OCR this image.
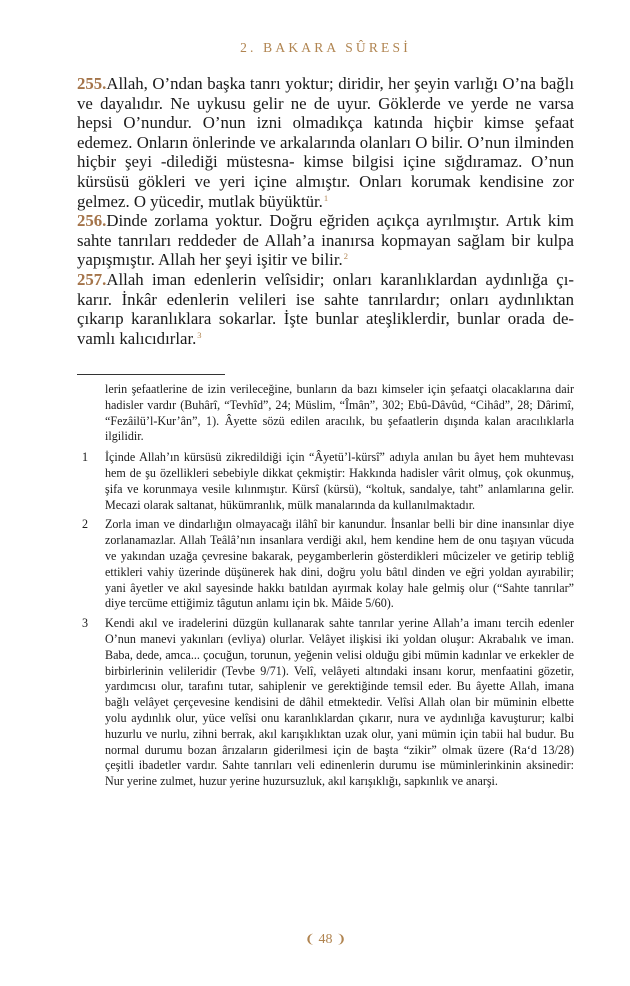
2. BAKARA SÛRESİ

255.Allah, O’ndan başka tanrı yoktur; diridir, her şeyin varlığı O’na bağlı ve dayalıdır. Ne uykusu gelir ne de uyur. Göklerde ve yerde ne varsa hepsi O’nundur. O’nun izni olmadıkça katında hiçbir kimse şefaat edemez. Onların önlerinde ve arkalarında olanları O bilir. O’nun ilminden hiçbir şeyi -dilediği müstesna- kimse bilgisi içine sığdıramaz. O’nun kürsüsü gökleri ve yeri içine almıştır. Onları korumak kendisine zor gelmez. O yücedir, mutlak büyüktür.$^1$

256.Dinde zorlama yoktur. Doğru eğriden açıkça ayrılmıştır. Artık kim sahte tanrıları reddeder de Allah’a inanırsa kopmayan sağlam bir kulpa yapışmıştır. Allah her şeyi işitir ve bilir.$^2$

257.Allah iman edenlerin velîsidir; onları karanlıklardan aydınlığa çıkarır. İnkâr edenlerin velileri ise sahte tanrılardır; onları aydınlıktan çıkarıp karanlıklara sokarlar. İşte bunlar ateşliklerdir, bunlar orada devamlı kalıcıdırlar.$^3$

lerin şefaatlerine de izin verileceğine, bunların da bazı kimseler için şefaatçi olacaklarına dair hadisler vardır (Buhârî, “Tevhîd”, 24; Müslim, “Îmân”, 302; Ebû-Dâvûd, “Cihâd”, 28; Dârimî, “Fezâilü’l-Kur’ân”, 1). Âyette sözü edilen aracılık, bu şefaatlerin dışında kalan aracılıklarla ilgilidir.

1	İçinde Allah’ın kürsüsü zikredildiği için “Âyetü’l-kürsî” adıyla anılan bu âyet hem muhtevası hem de şu özellikleri sebebiyle dikkat çekmiştir: Hakkında hadisler vârit olmuş, çok okunmuş, şifa ve korunmaya vesile kılınmıştır. Kürsî (kürsü), “koltuk, sandalye, taht” anlamlarına gelir. Mecazi olarak saltanat, hükümranlık, mülk manalarında da kullanılmaktadır.
2	Zorla iman ve dindarlığın olmayacağı ilâhî bir kanundur. İnsanlar belli bir dine inansınlar diye zorlanamazlar. Allah Teâlâ’nın insanlara verdiği akıl, hem kendine hem de onu taşıyan vücuda ve yakından uzağa çevresine bakarak, peygamberlerin gösterdikleri mûcizeler ve getirip tebliğ ettikleri vahiy üzerinde düşünerek hak dini, doğru yolu bâtıl dinden ve eğri yoldan ayırabilir; yani âyetler ve akıl sayesinde hakkı batıldan ayırmak kolay hale gelmiş olur (“Sahte tanrılar” diye tercüme ettiğimiz tâgutun anlamı için bk. Mâide 5/60).
3	Kendi akıl ve iradelerini düzgün kullanarak sahte tanrılar yerine Allah’a imanı tercih edenler O’nun manevi yakınları (evliya) olurlar. Velâyet ilişkisi iki yoldan oluşur: Akrabalık ve iman. Baba, dede, amca... çocuğun, torunun, yeğenin velisi olduğu gibi mümin kadınlar ve erkekler de birbirlerinin velileridir (Tevbe 9/71). Velî, velâyeti altındaki insanı korur, menfaatini gözetir, yardımcısı olur, tarafını tutar, sahiplenir ve gerektiğinde temsil eder. Bu âyette Allah, imana bağlı velâyet çerçevesine kendisini de dâhil etmektedir. Velîsi Allah olan bir müminin elbette yolu aydınlık olur, yüce velîsi onu karanlıklardan çıkarır, nura ve aydınlığa kavuşturur; kalbi huzurlu ve nurlu, zihni berrak, akıl karışıklıktan uzak olur, yani mümin için tabii hal budur. Bu normal durumu bozan ârızaların giderilmesi için de başta “zikir” olmak üzere (Ra‘d 13/28) çeşitli ibadetler vardır. Sahte tanrıları veli edinenlerin durumu ise müminlerinkinin aksinedir: Nur yerine zulmet, huzur yerine huzursuzluk, akıl karışıklığı, sapkınlık ve anarşi.
❨ 48 ❩
